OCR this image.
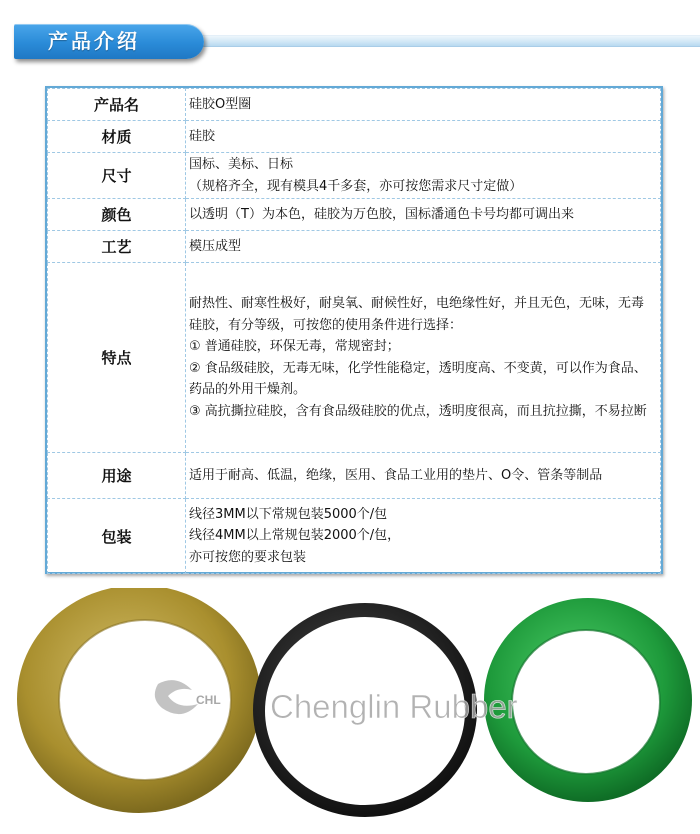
产品介绍
产品名	硅胶O型圈

材质	硅胶

尺寸	国标、美标、日标
（规格齐全，现有模具4千多套，亦可按您需求尺寸定做）

颜色	以透明（T）为本色，硅胶为万色胶，国标潘通色卡号均都可调出来

工艺	模压成型

特点	耐热性、耐寒性极好，耐臭氧、耐候性好，电绝缘性好，并且无色，无味，无毒
硅胶，有分等级，可按您的使用条件进行选择：
① 普通硅胶，环保无毒，常规密封；
② 食品级硅胶，无毒无味，化学性能稳定，透明度高、不变黄，可以作为食品、药品的外用干燥剂。
③ 高抗撕拉硅胶，含有食品级硅胶的优点，透明度很高，而且抗拉撕，不易拉断

用途	适用于耐高、低温，绝缘，医用、食品工业用的垫片、O令、管条等制品

包装	线径3MM以下常规包装5000个/包
线径4MM以上常规包装2000个/包，
亦可按您的要求包装
CHL Chenglin Rubber
